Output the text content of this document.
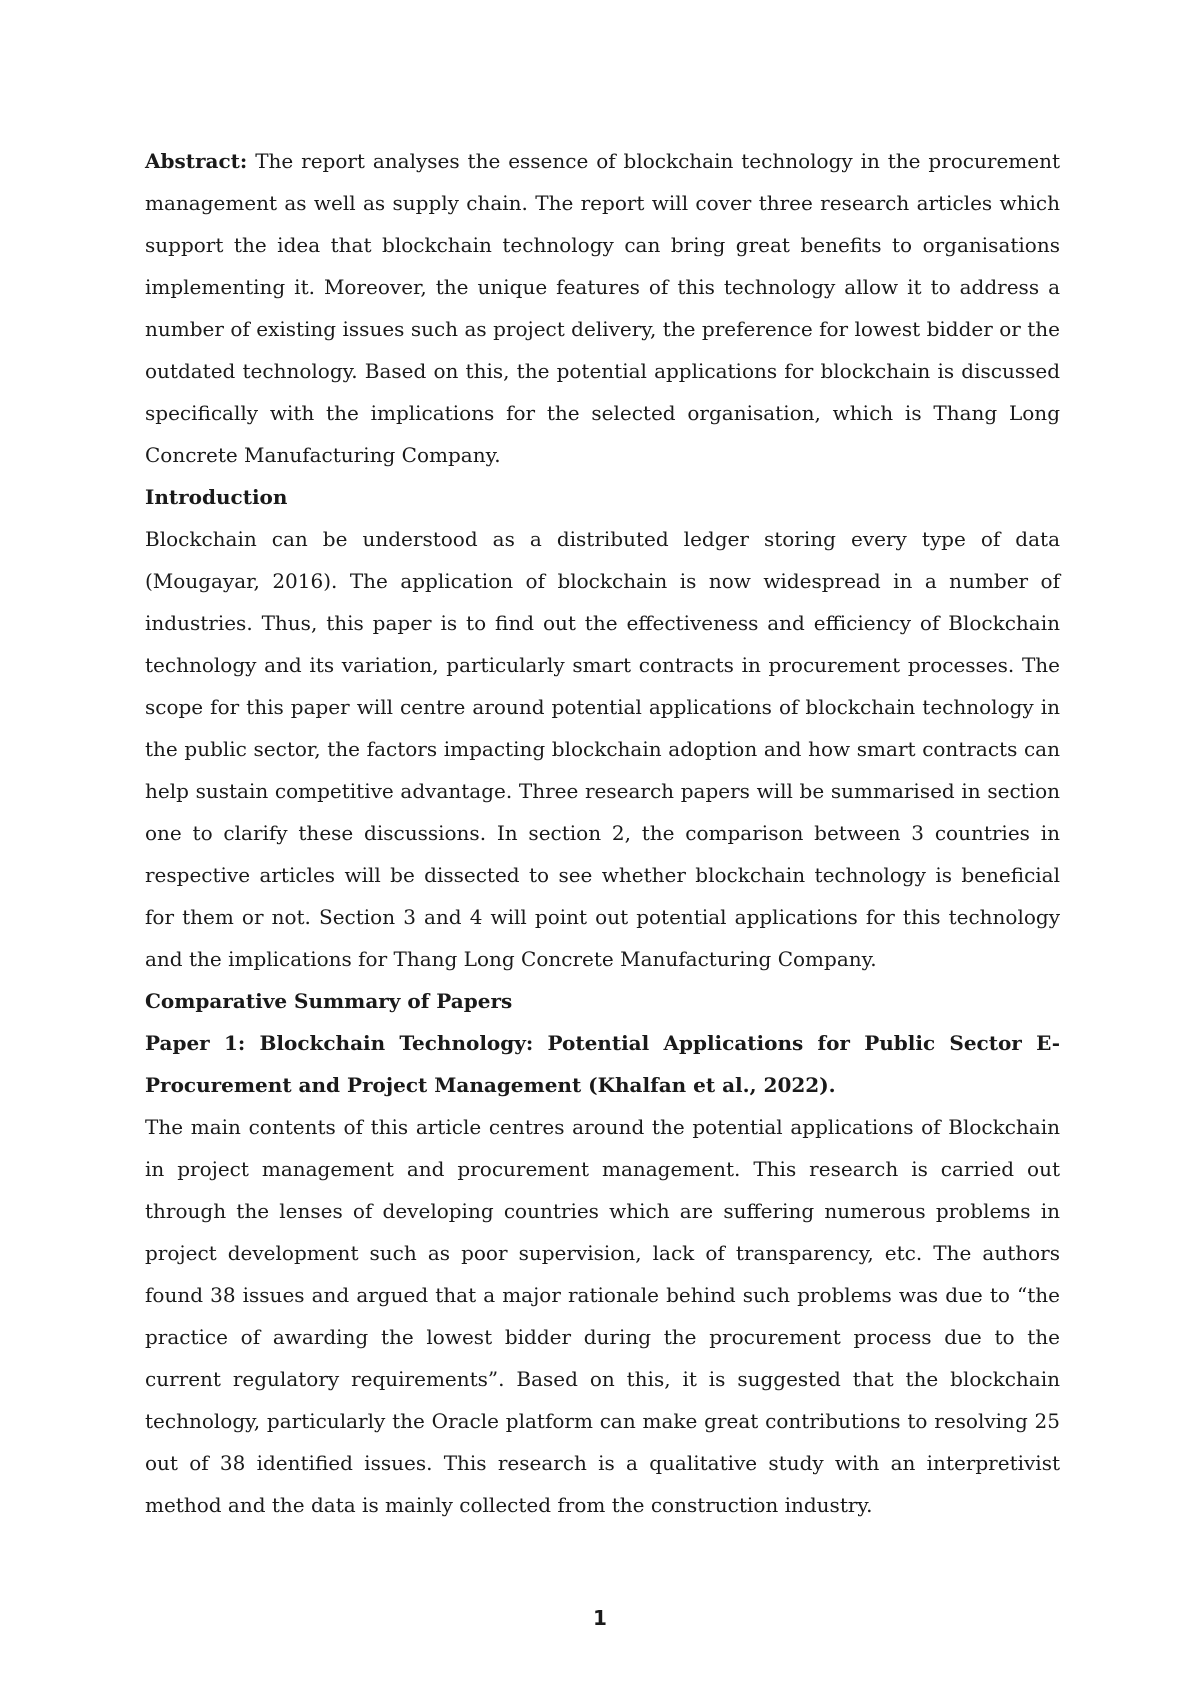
Abstract: The report analyses the essence of blockchain technology in the procurement management as well as supply chain. The report will cover three research articles which support the idea that blockchain technology can bring great benefits to organisations implementing it. Moreover, the unique features of this technology allow it to address a number of existing issues such as project delivery, the preference for lowest bidder or the outdated technology. Based on this, the potential applications for blockchain is discussed specifically with the implications for the selected organisation, which is Thang Long Concrete Manufacturing Company.

Introduction

Blockchain can be understood as a distributed ledger storing every type of data (Mougayar, 2016). The application of blockchain is now widespread in a number of industries. Thus, this paper is to find out the effectiveness and efficiency of Blockchain technology and its variation, particularly smart contracts in procurement processes. The scope for this paper will centre around potential applications of blockchain technology in the public sector, the factors impacting blockchain adoption and how smart contracts can help sustain competitive advantage. Three research papers will be summarised in section one to clarify these discussions. In section 2, the comparison between 3 countries in respective articles will be dissected to see whether blockchain technology is beneficial for them or not. Section 3 and 4 will point out potential applications for this technology and the implications for Thang Long Concrete Manufacturing Company.

Comparative Summary of Papers

Paper 1: Blockchain Technology: Potential Applications for Public Sector E-Procurement and Project Management (Khalfan et al., 2022).

The main contents of this article centres around the potential applications of Blockchain in project management and procurement management. This research is carried out through the lenses of developing countries which are suffering numerous problems in project development such as poor supervision, lack of transparency, etc. The authors found 38 issues and argued that a major rationale behind such problems was due to “the practice of awarding the lowest bidder during the procurement process due to the current regulatory requirements”. Based on this, it is suggested that the blockchain technology, particularly the Oracle platform can make great contributions to resolving 25 out of 38 identified issues. This research is a qualitative study with an interpretivist method and the data is mainly collected from the construction industry.

1
